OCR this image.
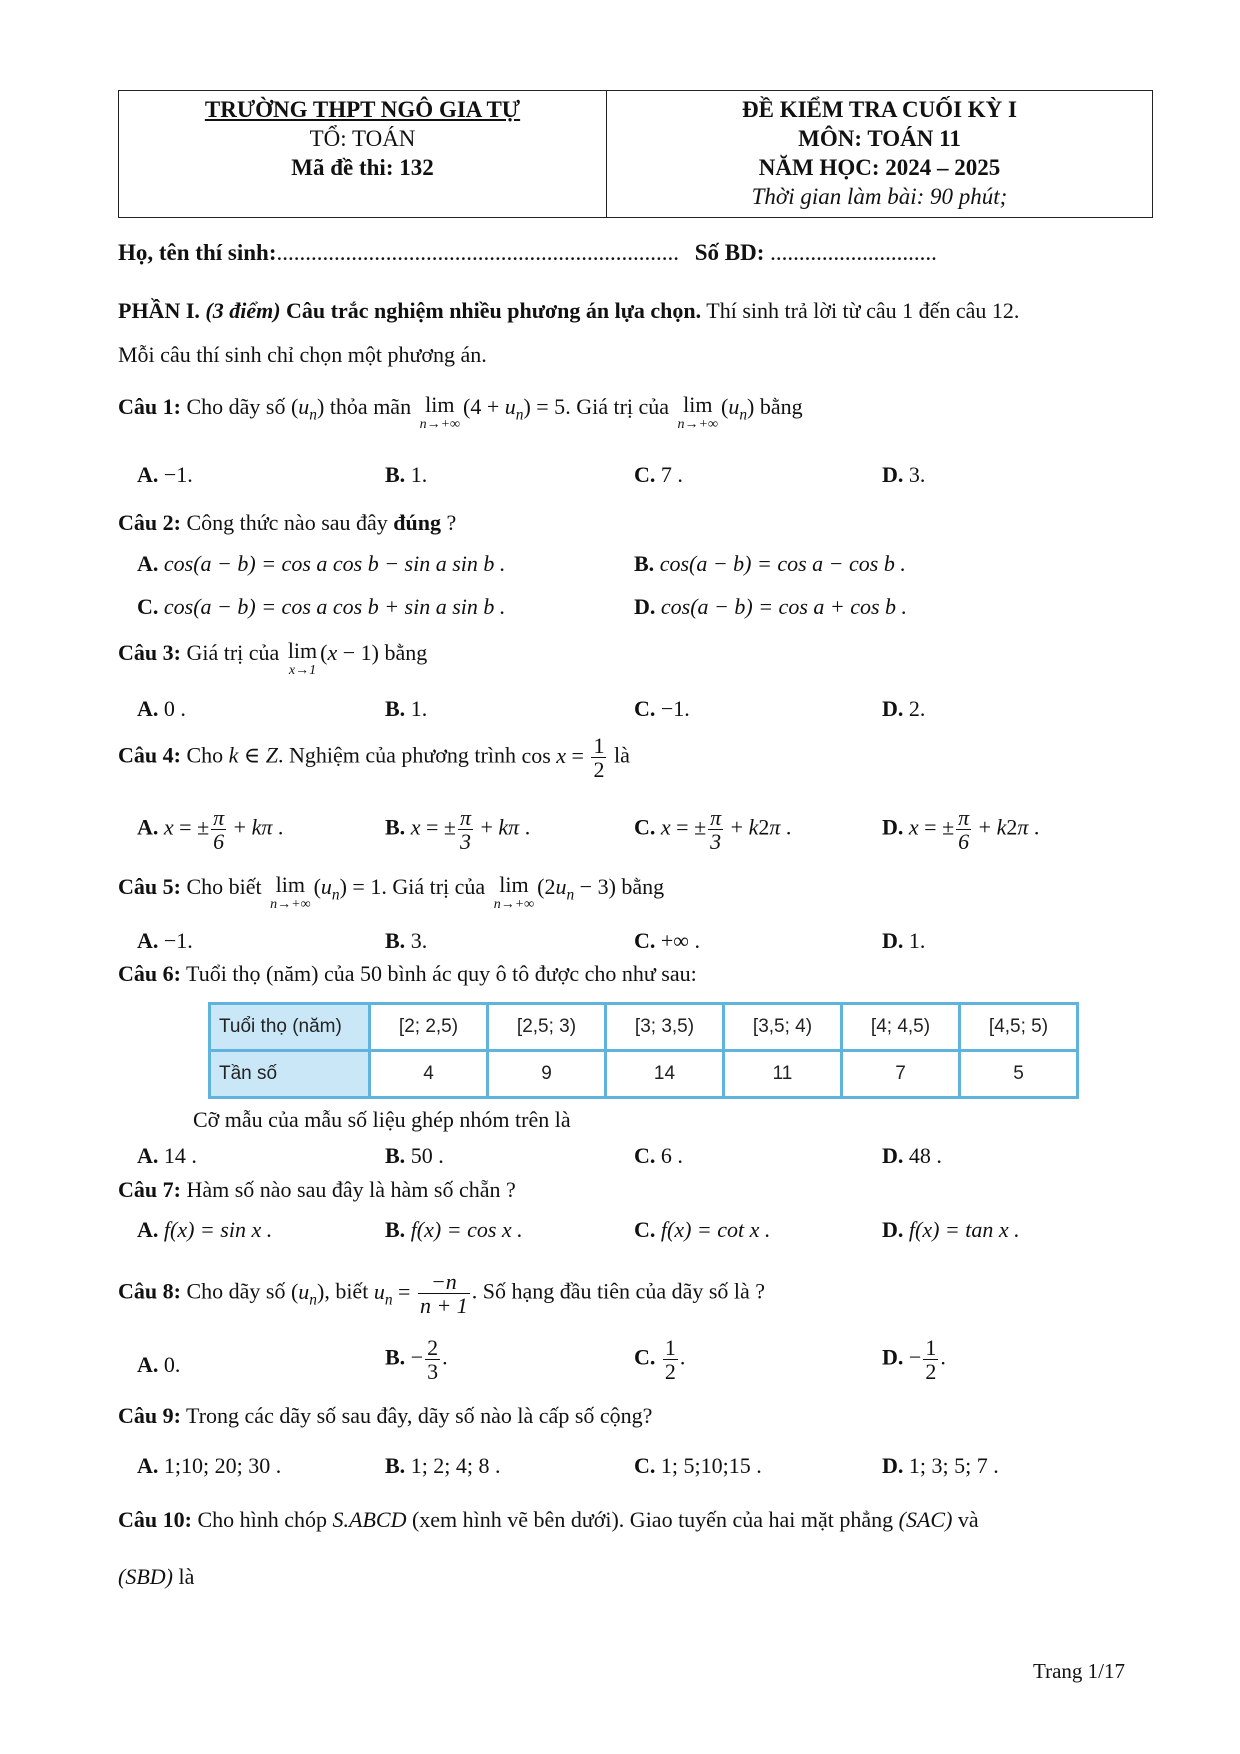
TRƯỜNG THPT NGÔ GIA TỰ
TỔ: TOÁN
Mã đề thi: 132
ĐỀ KIỂM TRA CUỐI KỲ I
MÔN: TOÁN 11
NĂM HỌC: 2024 – 2025
Thời gian làm bài: 90 phút;
Họ, tên thí sinh:...................................................................... Số BD: .............................
PHẦN I. (3 điểm) Câu trắc nghiệm nhiều phương án lựa chọn. Thí sinh trả lời từ câu 1 đến câu 12.
Mỗi câu thí sinh chỉ chọn một phương án.
Câu 1: Cho dãy số $(u_n)$ thỏa mãn lim
n→+∞
$(4 + u_n) = 5$. Giá trị của lim
n→+∞
$(u_n)$ bằng
A. −1.	B. 1.	C. 7 .	D. 3.
Câu 2: Công thức nào sau đây đúng ?
A. cos(a − b) = cos a cos b − sin a sin b .	B. cos(a − b) = cos a − cos b .
C. cos(a − b) = cos a cos b + sin a sin b .	D. cos(a − b) = cos a + cos b .
Câu 3: Giá trị của lim
x→1
(x − 1) bằng
A. 0 .	B. 1.	C. −1.	D. 2.
Câu 4: Cho k ∈ Z. Nghiệm của phương trình $\cos x = \frac{1}{2}$ là
A. x = ± $\frac{\pi}{6} + k\pi$ .	B. x = ± $\frac{\pi}{3} + k\pi$ .	C. x = ± $\frac{\pi}{3} + k2\pi$ .	D. x = ± $\frac{\pi}{6} + k2\pi$ .
Câu 5: Cho biết lim
n→+∞
$(u_n) = 1$. Giá trị của lim
n→+∞
$(2u_n - 3)$ bằng
A. −1.	B. 3.	C. +∞ .	D. 1.
Câu 6: Tuổi thọ (năm) của 50 bình ác quy ô tô được cho như sau:
Tuổi thọ (năm)	[2; 2,5)	[2,5; 3)	[3; 3,5)	[3,5; 4)	[4; 4,5)	[4,5; 5)
Tần số	4	9	14	11	7	5
Cỡ mẫu của mẫu số liệu ghép nhóm trên là
A. 14 .	B. 50 .	C. 6 .	D. 48 .
Câu 7: Hàm số nào sau đây là hàm số chẵn ?
A. f(x) = sin x .	B. f(x) = cos x .	C. f(x) = cot x .	D. f(x) = tan x .
Câu 8: Cho dãy số $(u_n)$, biết $u_n = \frac{-n}{n + 1}$ . Số hạng đầu tiên của dãy số là ?
A. 0.	B. − $\frac{2}{3}$ .	C. $\frac{1}{2}$ .	D. − $\frac{1}{2}$ .
Câu 9: Trong các dãy số sau đây, dãy số nào là cấp số cộng?
A. 1;10; 20; 30 .	B. 1; 2; 4; 8 .	C. 1; 5;10;15 .	D. 1; 3; 5; 7 .
Câu 10: Cho hình chóp S.ABCD (xem hình vẽ bên dưới). Giao tuyến của hai mặt phẳng (SAC) và
(SBD) là
Trang 1/17
